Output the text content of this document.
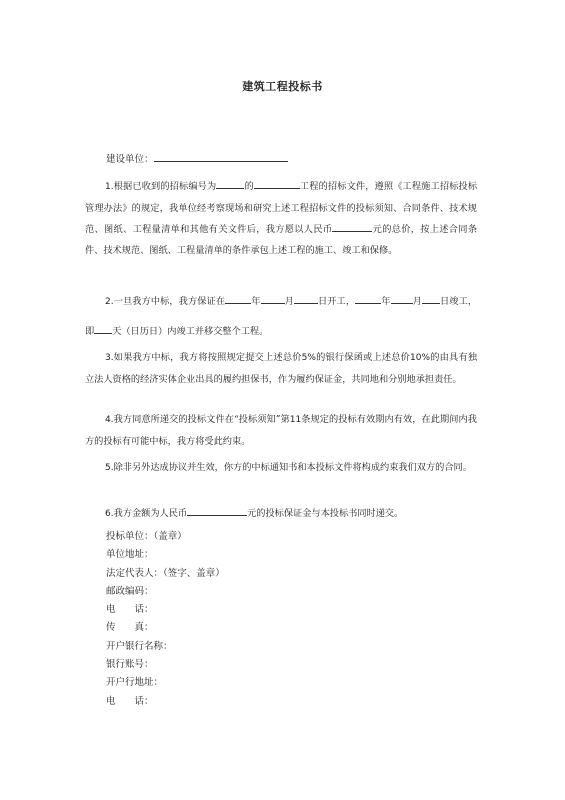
建筑工程投标书
建设单位：
1.根据已收到的招标编号为	的	工程的招标文件，遵照《工程施工招标投标管理办法》的规定，我单位经考察现场和研究上述工程招标文件的投标须知、合同条件、技术规范、图纸、工程量清单和其他有关文件后，我方愿以人民币	元的总价，按上述合同条件、技术规范、图纸、工程量清单的条件承包上述工程的施工、竣工和保修。
2.一旦我方中标，我方保证在	年	月	日开工，	年 月 日竣工，即 天（日历日）内竣工并移交整个工程。
3.如果我方中标，我方将按照规定提交上述总价5%的银行保函或上述总价10%的由具有独立法人资格的经济实体企业出具的履约担保书，作为履约保证金，共同地和分别地承担责任。
4.我方同意所递交的投标文件在“投标须知”第11条规定的投标有效期内有效，在此期间内我方的投标有可能中标，我方将受此约束。
5.除非另外达成协议并生效，你方的中标通知书和本投标文件将构成约束我们双方的合同。
6.我方金额为人民币	元的投标保证金与本投标书同时递交。
投标单位：（盖章）
单位地址：
法定代表人：（签字、盖章）
邮政编码：
电　　话：
传　　真：
开户银行名称：
银行账号：
开户行地址：
电　　话：
